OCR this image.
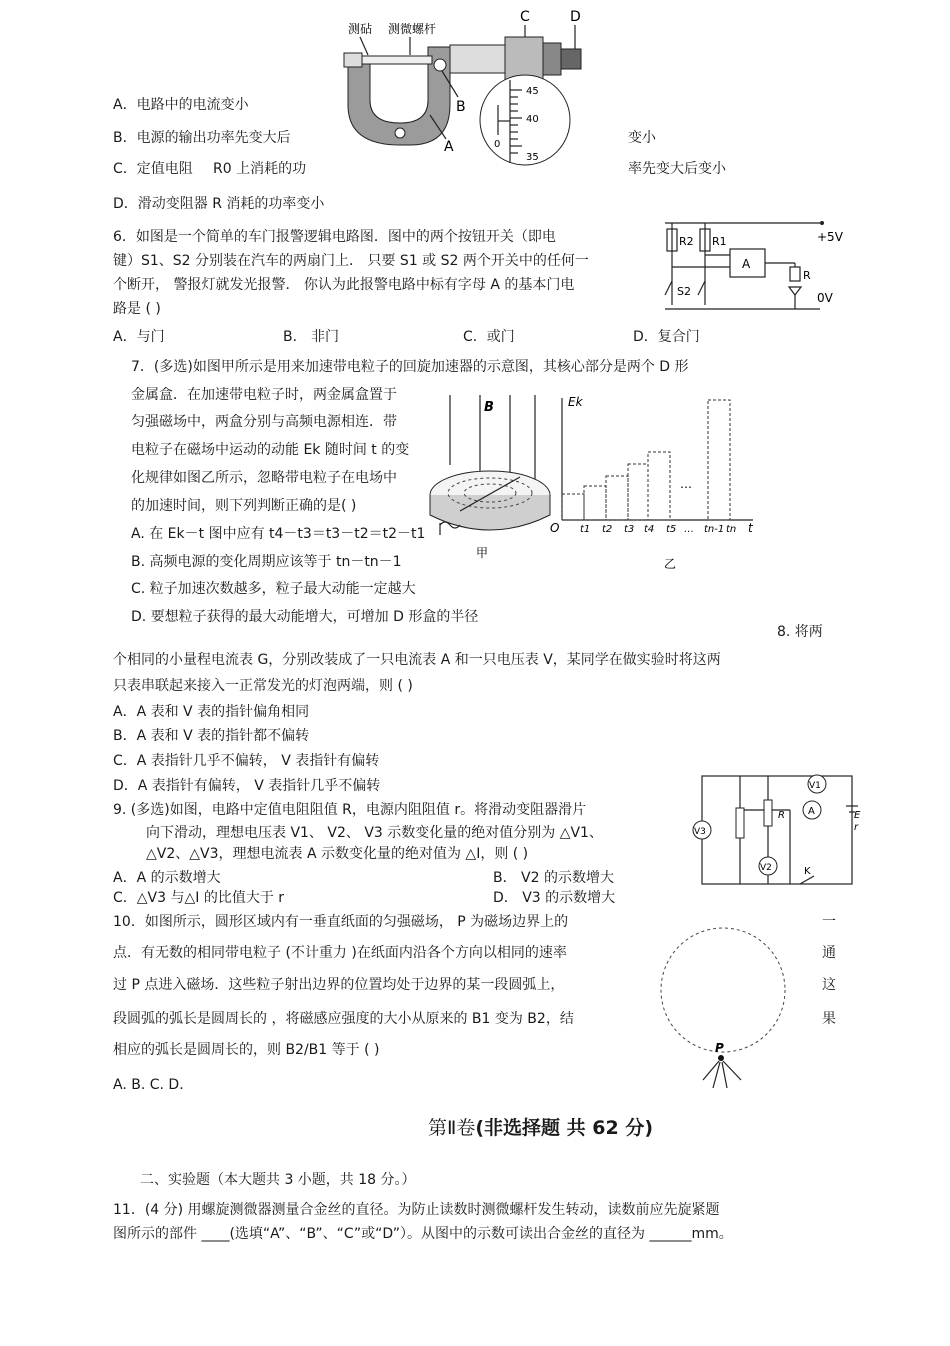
测砧 测微螺杆
C	D
A
B
45
40
35
0
A．电路中的电流变小
B．电源的输出功率先变大后	变小
C．定值电阻 R0 上消耗的功	率先变大后变小
D．滑动变阻器 R 消耗的功率变小
6．如图是一个简单的车门报警逻辑电路图．图中的两个按钮开关（即电
键）S1、S2 分别装在汽车的两扇门上． 只要 S1 或 S2 两个开关中的任何一
个断开， 警报灯就发光报警． 你认为此报警电路中标有字母 A 的基本门电
路是 ( )
A．与门	B． 非门	C．或门	D．复合门
+5V
R2 R1
A
R
0V
S2
7．(多选)如图甲所示是用来加速带电粒子的回旋加速器的示意图，其核心部分是两个 D 形
金属盒．在加速带电粒子时，两金属盒置于
匀强磁场中，两盒分别与高频电源相连．带
电粒子在磁场中运动的动能 Ek 随时间 t 的变
化规律如图乙所示，忽略带电粒子在电场中
的加速时间，则下列判断正确的是( )
A. 在 Ek－t 图中应有 t4－t3＝t3－t2＝t2－t1
B. 高频电源的变化周期应该等于 tn－tn－1
C. 粒子加速次数越多，粒子最大动能一定越大
D. 要想粒子获得的最大动能增大，可增加 D 形盒的半径
B
甲
Ek
O	t
…
t1 t2 t3 t4 t5 … tn-1 tn
乙
8. 将两
个相同的小量程电流表 G，分别改装成了一只电流表 A 和一只电压表 V，某同学在做实验时将这两
只表串联起来接入一正常发光的灯泡两端，则 ( )
A．A 表和 V 表的指针偏角相同
B．A 表和 V 表的指针都不偏转
C．A 表指针几乎不偏转， V 表指针有偏转
D．A 表指针有偏转， V 表指针几乎不偏转
9. (多选)如图，电路中定值电阻阻值 R，电源内阻阻值 r。将滑动变阻器滑片
向下滑动，理想电压表 V1、 V2、 V3 示数变化量的绝对值分别为 △V1、
△V2、△V3，理想电流表 A 示数变化量的绝对值为 △I，则 ( )
A．A 的示数增大	B． V2 的示数增大
C．△V3 与△I 的比值大于 r	D． V3 的示数增大
V1
A
V3
V2
R	E
r
K
10．如图所示，圆形区域内有一垂直纸面的匀强磁场， P 为磁场边界上的	一
点．有无数的相同带电粒子 (不计重力 )在纸面内沿各个方向以相同的速率	通
过 P 点进入磁场．这些粒子射出边界的位置均处于边界的某一段圆弧上，	这
段圆弧的弧长是圆周长的 ，将磁感应强度的大小从原来的 B1 变为 B2，结	果
相应的弧长是圆周长的，则 B2/B1 等于 ( )
A. B. C. D．
P
第Ⅱ卷(非选择题 共 62 分)
二、实验题（本大题共 3 小题，共 18 分。）
11．(4 分) 用螺旋测微器测量合金丝的直径。为防止读数时测微螺杆发生转动，读数前应先旋紧题
图所示的部件 ____(选填“A”、“B”、“C”或“D”）。从图中的示数可读出合金丝的直径为 ______mm。
